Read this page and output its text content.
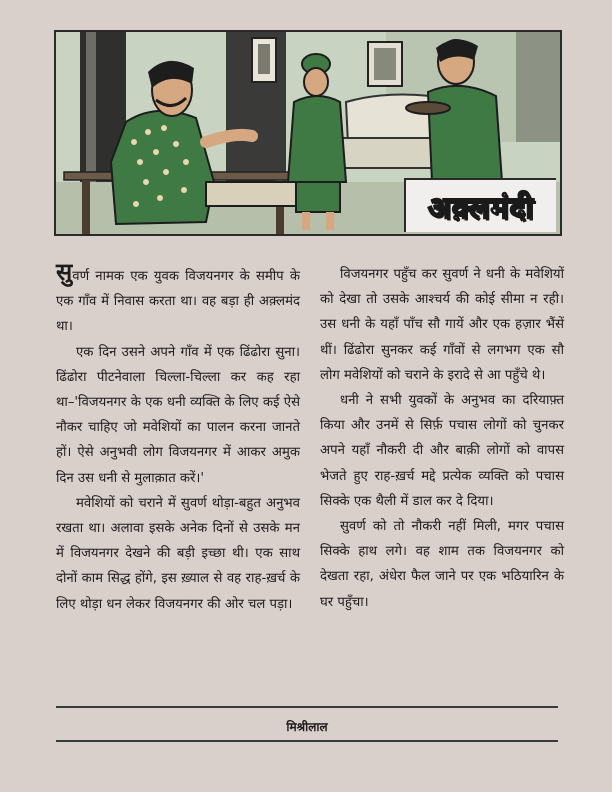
अक़्लमंदी

सुवर्ण नामक एक युवक विजयनगर के समीप के एक गाँव में निवास करता था। वह बड़ा ही अक़्लमंद था।

एक दिन उसने अपने गाँव में एक ढिंढोरा सुना। ढिंढोरा पीटनेवाला चिल्ला-चिल्ला कर कह रहा था–'विजयनगर के एक धनी व्यक्ति के लिए कई ऐसे नौकर चाहिए जो मवेशियों का पालन करना जानते हों। ऐसे अनुभवी लोग विजयनगर में आकर अमुक दिन उस धनी से मुलाक़ात करें।'

मवेशियों को चराने में सुवर्ण थोड़ा-बहुत अनुभव रखता था। अलावा इसके अनेक दिनों से उसके मन में विजयनगर देखने की बड़ी इच्छा थी। एक साथ दोनों काम सिद्ध होंगे, इस ख़्याल से वह राह-ख़र्च के लिए थोड़ा धन लेकर विजयनगर की ओर चल पड़ा।

विजयनगर पहुँच कर सुवर्ण ने धनी के मवेशियों को देखा तो उसके आश्चर्य की कोई सीमा न रही। उस धनी के यहाँ पाँच सौ गायें और एक हज़ार भैंसें थीं। ढिंढोरा सुनकर कई गाँवों से लगभग एक सौ लोग मवेशियों को चराने के इरादे से आ पहुँचे थे।

धनी ने सभी युवकों के अनुभव का दरियाफ़्त किया और उनमें से सिर्फ़ पचास लोगों को चुनकर अपने यहाँ नौकरी दी और बाक़ी लोगों को वापस भेजते हुए राह-ख़र्च मद्दे प्रत्येक व्यक्ति को पचास सिक्के एक थैली में डाल कर दे दिया।

सुवर्ण को तो नौकरी नहीं मिली, मगर पचास सिक्के हाथ लगे। वह शाम तक विजयनगर को देखता रहा, अंधेरा फैल जाने पर एक भठियारिन के घर पहुँचा।

मिश्रीलाल
